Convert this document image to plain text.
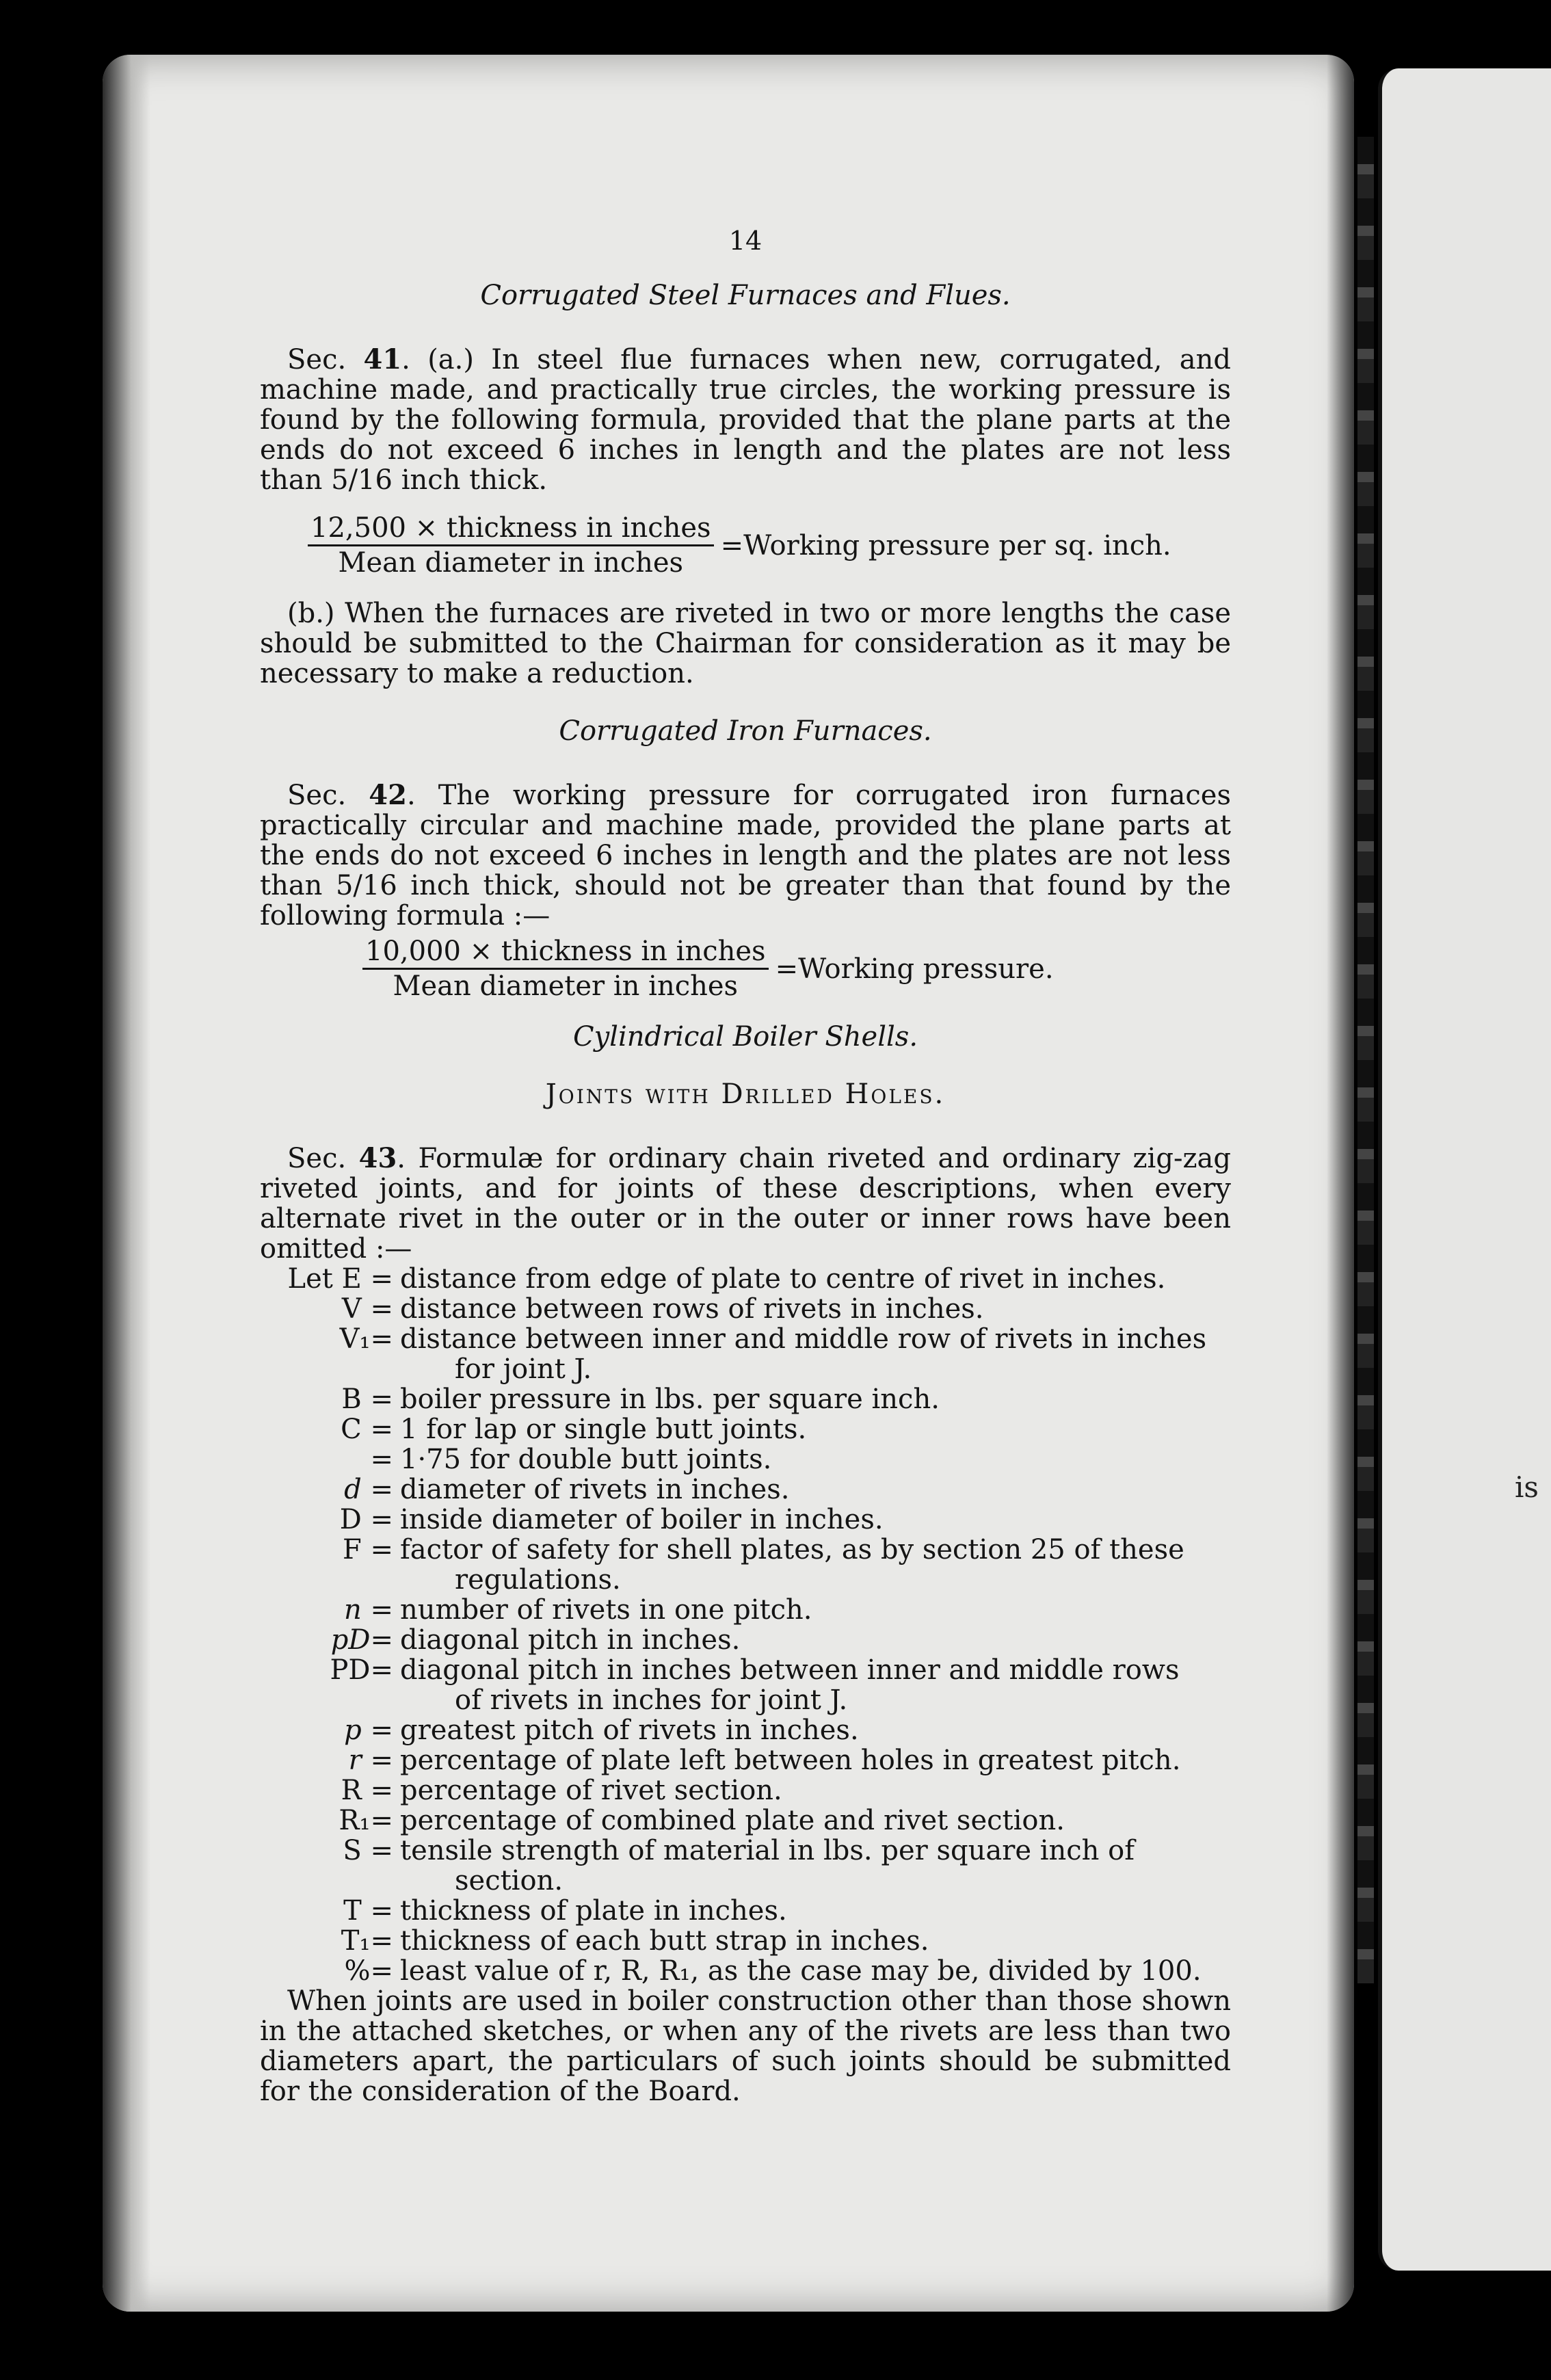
is
14
Corrugated Steel Furnaces and Flues.

Sec. 41. (a.) In steel flue furnaces when new, corrugated, and machine made, and practically true circles, the working pressure is found by the following formula, provided that the plane parts at the ends do not exceed 6 inches in length and the plates are not less than 5/16 inch thick.

$\frac{\text{12,500 × thickness in inches}}{\text{Mean diameter in inches}}$ =Working pressure per sq. inch.

(b.) When the furnaces are riveted in two or more lengths the case should be submitted to the Chairman for consideration as it may be necessary to make a reduction.

Corrugated Iron Furnaces.

Sec. 42. The working pressure for corrugated iron furnaces practically circular and machine made, provided the plane parts at the ends do not exceed 6 inches in length and the plates are not less than 5/16 inch thick, should not be greater than that found by the following formula :—

$\frac{\text{10,000 × thickness in inches}}{\text{Mean diameter in inches}}$ =Working pressure.
Cylindrical Boiler Shells.
Joints with Drilled Holes.

Sec. 43. Formulæ for ordinary chain riveted and ordinary zig-zag riveted joints, and for joints of these descriptions, when every alternate rivet in the outer or in the outer or inner rows have been omitted :—

Let E = distance from edge of plate to centre of rivet in inches.
V = distance between rows of rivets in inches.
V₁= distance between inner and middle row of rivets in inches
for joint J.
B = boiler pressure in lbs. per square inch.
C = 1 for lap or single butt joints.
= 1·75 for double butt joints.
d = diameter of rivets in inches.
D = inside diameter of boiler in inches.
F = factor of safety for shell plates, as by section 25 of these
regulations.
n = number of rivets in one pitch.
pD= diagonal pitch in inches.
PD= diagonal pitch in inches between inner and middle rows
of rivets in inches for joint J.
p = greatest pitch of rivets in inches.
r = percentage of plate left between holes in greatest pitch.
R = percentage of rivet section.
R₁= percentage of combined plate and rivet section.
S = tensile strength of material in lbs. per square inch of
section.
T = thickness of plate in inches.
T₁= thickness of each butt strap in inches.
%= least value of r, R, R₁, as the case may be, divided by 100.

When joints are used in boiler construction other than those shown in the attached sketches, or when any of the rivets are less than two diameters apart, the particulars of such joints should be submitted for the consideration of the Board.
